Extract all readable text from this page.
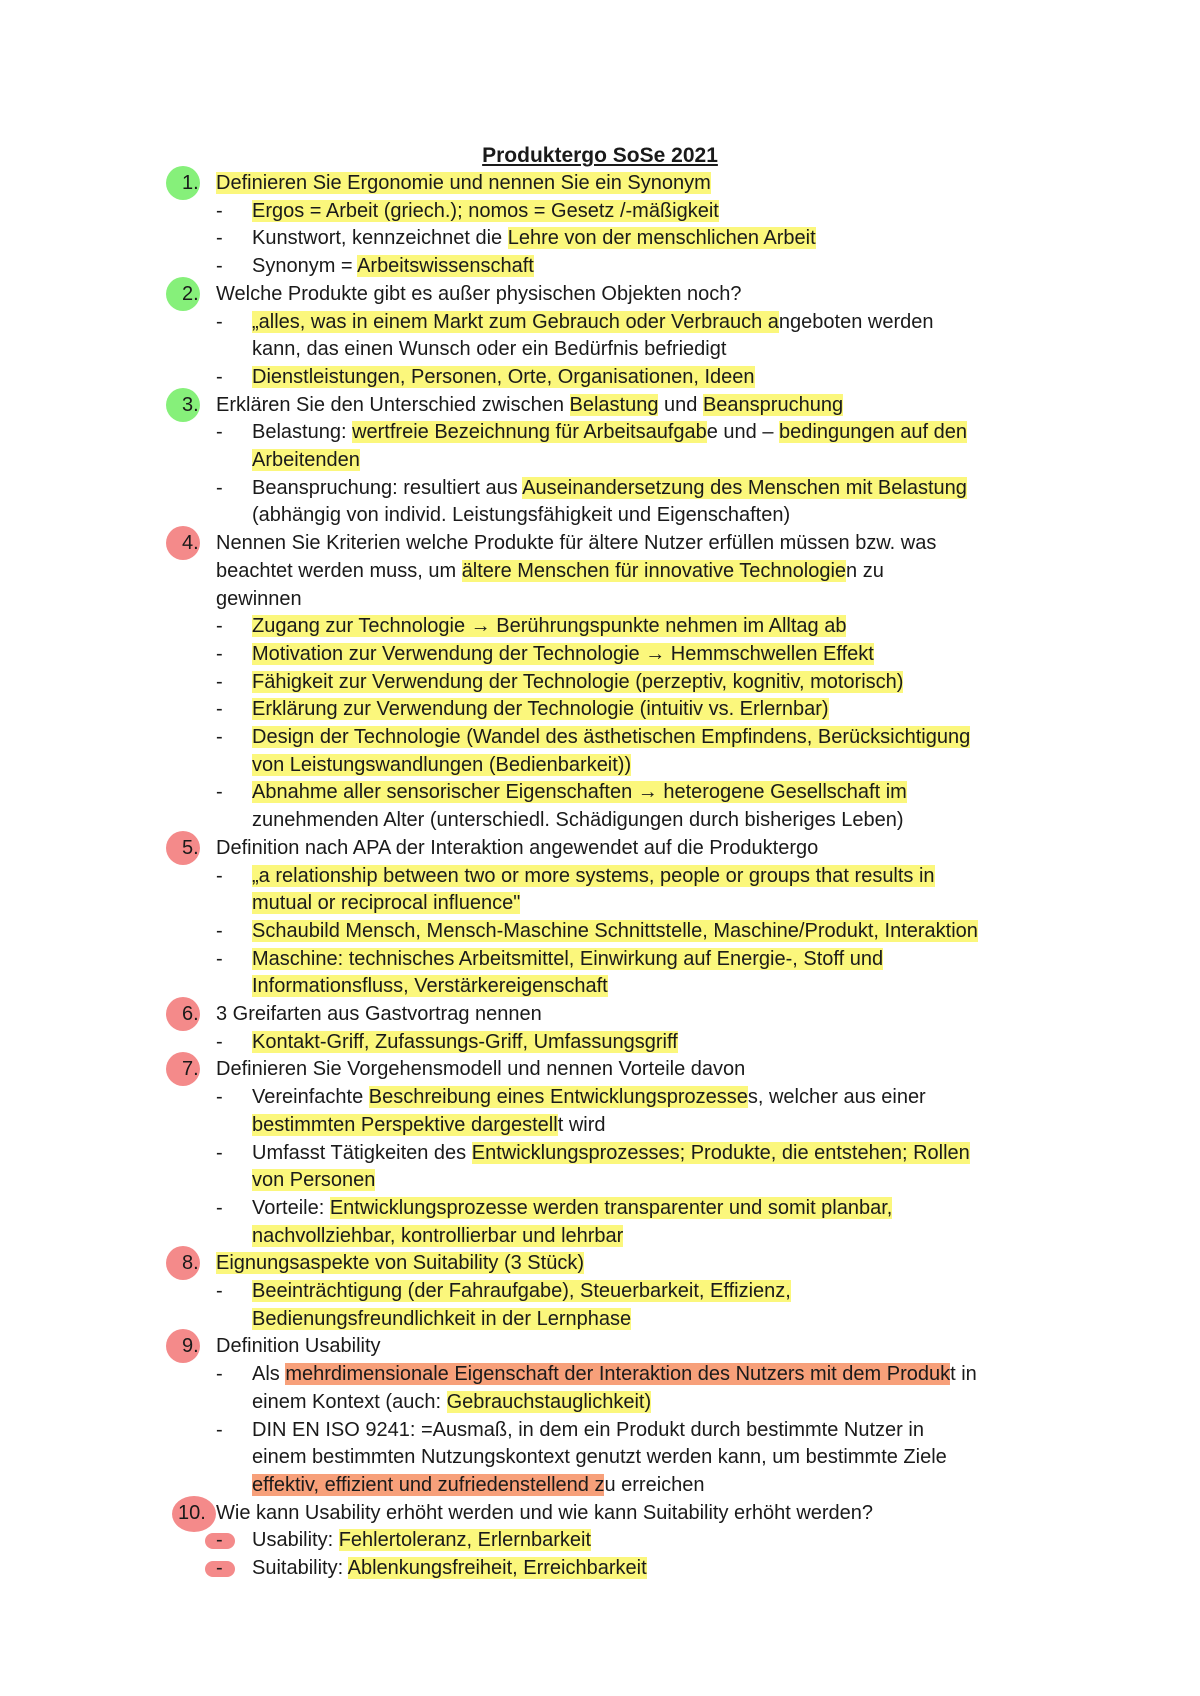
Produktergo SoSe 2021
1. Definieren Sie Ergonomie und nennen Sie ein Synonym
- Ergos = Arbeit (griech.); nomos = Gesetz /-mäßigkeit
- Kunstwort, kennzeichnet die Lehre von der menschlichen Arbeit
- Synonym = Arbeitswissenschaft
2. Welche Produkte gibt es außer physischen Objekten noch?
- „alles, was in einem Markt zum Gebrauch oder Verbrauch angeboten werden
kann, das einen Wunsch oder ein Bedürfnis befriedigt
- Dienstleistungen, Personen, Orte, Organisationen, Ideen
3. Erklären Sie den Unterschied zwischen Belastung und Beanspruchung
- Belastung: wertfreie Bezeichnung für Arbeitsaufgabe und – bedingungen auf den
Arbeitenden
- Beanspruchung: resultiert aus Auseinandersetzung des Menschen mit Belastung
(abhängig von individ. Leistungsfähigkeit und Eigenschaften)
4. Nennen Sie Kriterien welche Produkte für ältere Nutzer erfüllen müssen bzw. was
beachtet werden muss, um ältere Menschen für innovative Technologien zu
gewinnen
- Zugang zur Technologie → Berührungspunkte nehmen im Alltag ab
- Motivation zur Verwendung der Technologie → Hemmschwellen Effekt
- Fähigkeit zur Verwendung der Technologie (perzeptiv, kognitiv, motorisch)
- Erklärung zur Verwendung der Technologie (intuitiv vs. Erlernbar)
- Design der Technologie (Wandel des ästhetischen Empfindens, Berücksichtigung
von Leistungswandlungen (Bedienbarkeit))
- Abnahme aller sensorischer Eigenschaften → heterogene Gesellschaft im
zunehmenden Alter (unterschiedl. Schädigungen durch bisheriges Leben)
5. Definition nach APA der Interaktion angewendet auf die Produktergo
- „a relationship between two or more systems, people or groups that results in
mutual or reciprocal influence"
- Schaubild Mensch, Mensch-Maschine Schnittstelle, Maschine/Produkt, Interaktion
- Maschine: technisches Arbeitsmittel, Einwirkung auf Energie-, Stoff und
Informationsfluss, Verstärkereigenschaft
6. 3 Greifarten aus Gastvortrag nennen
- Kontakt-Griff, Zufassungs-Griff, Umfassungsgriff
7. Definieren Sie Vorgehensmodell und nennen Vorteile davon
- Vereinfachte Beschreibung eines Entwicklungsprozesses, welcher aus einer
bestimmten Perspektive dargestellt wird
- Umfasst Tätigkeiten des Entwicklungsprozesses; Produkte, die entstehen; Rollen
von Personen
- Vorteile: Entwicklungsprozesse werden transparenter und somit planbar,
nachvollziehbar, kontrollierbar und lehrbar
8. Eignungsaspekte von Suitability (3 Stück)
- Beeinträchtigung (der Fahraufgabe), Steuerbarkeit, Effizienz,
Bedienungsfreundlichkeit in der Lernphase
9. Definition Usability
- Als mehrdimensionale Eigenschaft der Interaktion des Nutzers mit dem Produkt in
einem Kontext (auch: Gebrauchstauglichkeit)
- DIN EN ISO 9241: =Ausmaß, in dem ein Produkt durch bestimmte Nutzer in
einem bestimmten Nutzungskontext genutzt werden kann, um bestimmte Ziele
effektiv, effizient und zufriedenstellend zu erreichen
10. Wie kann Usability erhöht werden und wie kann Suitability erhöht werden?
- Usability: Fehlertoleranz, Erlernbarkeit
- Suitability: Ablenkungsfreiheit, Erreichbarkeit
